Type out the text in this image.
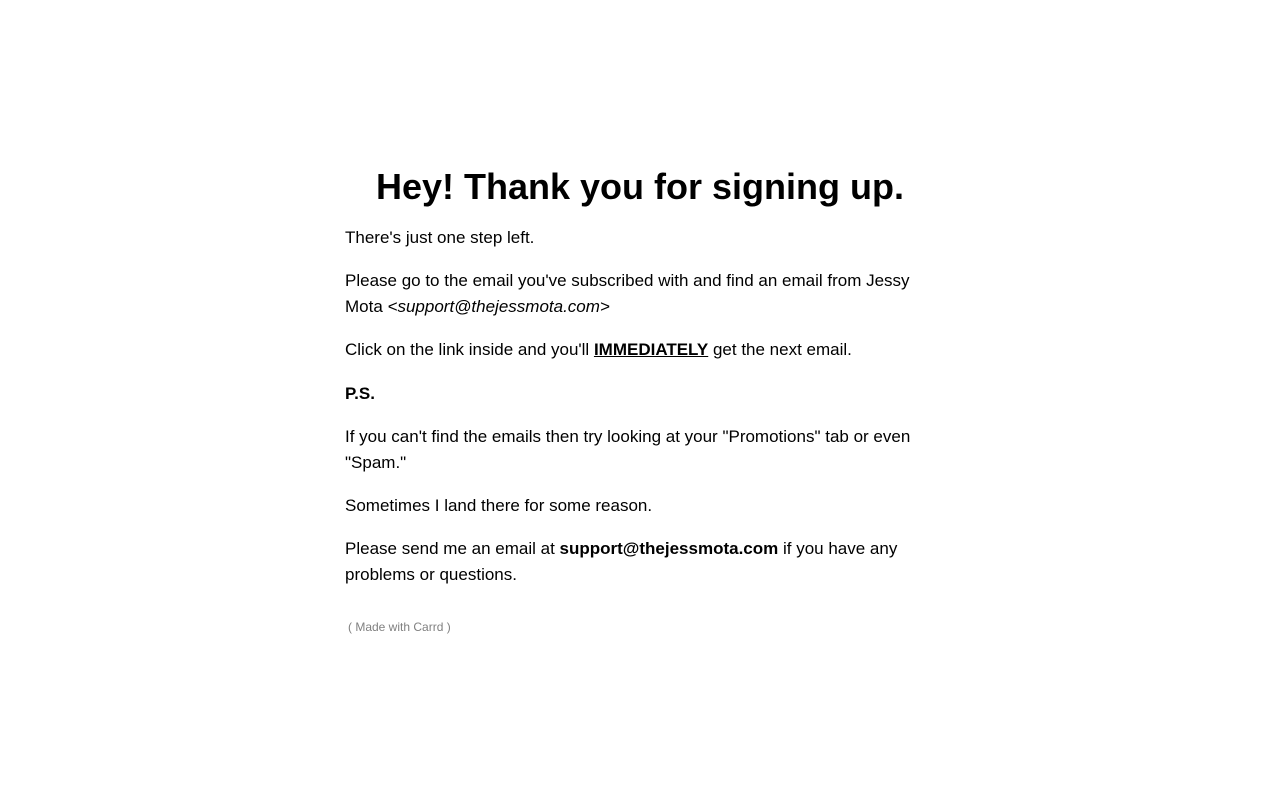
Hey! Thank you for signing up.

There's just one step left.

Please go to the email you've subscribed with and find an email from Jessy Mota <support@thejessmota.com>

Click on the link inside and you'll IMMEDIATELY get the next email.

P.S.

If you can't find the emails then try looking at your "Promotions" tab or even "Spam."

Sometimes I land there for some reason.

Please send me an email at support@thejessmota.com if you have any problems or questions.

( Made with Carrd )
